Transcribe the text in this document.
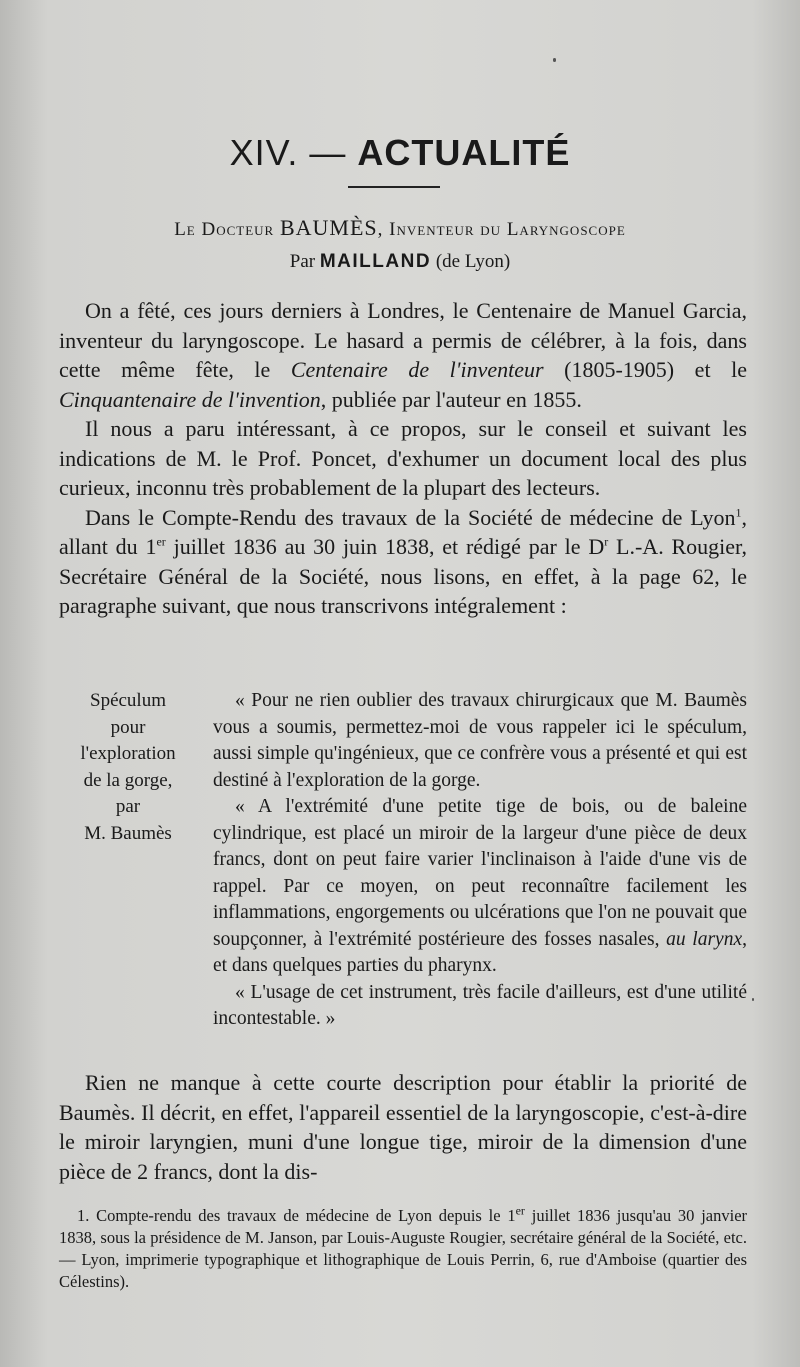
XIV. — ACTUALITÉ
Le Docteur BAUMÈS, Inventeur du Laryngoscope
Par MAILLAND (de Lyon)

On a fêté, ces jours derniers à Londres, le Centenaire de Manuel Garcia, inventeur du laryngoscope. Le hasard a permis de célébrer, à la fois, dans cette même fête, le Centenaire de l'inventeur (1805-1905) et le Cinquantenaire de l'invention, publiée par l'auteur en 1855.

Il nous a paru intéressant, à ce propos, sur le conseil et suivant les indications de M. le Prof. Poncet, d'exhumer un document local des plus curieux, inconnu très probablement de la plupart des lecteurs.

Dans le Compte-Rendu des travaux de la Société de médecine de Lyon$^1$, allant du 1er juillet 1836 au 30 juin 1838, et rédigé par le $D^r$ L.-A. Rougier, Secrétaire Général de la Société, nous lisons, en effet, à la page 62, le paragraphe suivant, que nous transcrivons intégralement :

Spéculum
pour
l'exploration
de la gorge,
par
M. Baumès

« Pour ne rien oublier des travaux chirurgicaux que M. Baumès vous a soumis, permettez-moi de vous rappeler ici le spéculum, aussi simple qu'ingénieux, que ce confrère vous a présenté et qui est destiné à l'exploration de la gorge.

« A l'extrémité d'une petite tige de bois, ou de baleine cylindrique, est placé un miroir de la largeur d'une pièce de deux francs, dont on peut faire varier l'inclinaison à l'aide d'une vis de rappel. Par ce moyen, on peut reconnaître facilement les inflammations, engorgements ou ulcérations que l'on ne pouvait que soupçonner, à l'extrémité postérieure des fosses nasales, au larynx, et dans quelques parties du pharynx.

« L'usage de cet instrument, très facile d'ailleurs, est d'une utilité incontestable. »

Rien ne manque à cette courte description pour établir la priorité de Baumès. Il décrit, en effet, l'appareil essentiel de la laryngoscopie, c'est-à-dire le miroir laryngien, muni d'une longue tige, miroir de la dimension d'une pièce de 2 francs, dont la dis-

1. Compte-rendu des travaux de médecine de Lyon depuis le 1er juillet 1836 jusqu'au 30 janvier 1838, sous la présidence de M. Janson, par Louis-Auguste Rougier, secrétaire général de la Société, etc.— Lyon, imprimerie typographique et lithographique de Louis Perrin, 6, rue d'Amboise (quartier des Célestins).
